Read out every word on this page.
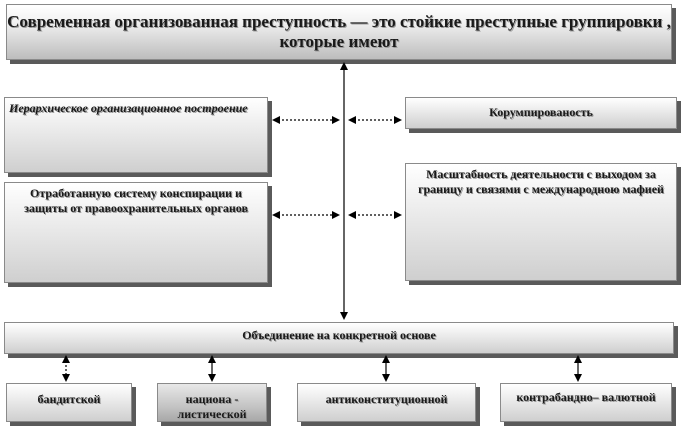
Современная организованная преступность — это стойкие преступные группировки , которые имеют
Иерархическое организационное построение
Отработанную систему конспирации и защиты от правоохранительных органов
Корумпированость
Масштабность деятельности с выходом за границу и связями с международною мафией
Объединение на конкретной основе
бандитской	национа - листической
антиконституционной	контрабандно– валютной
